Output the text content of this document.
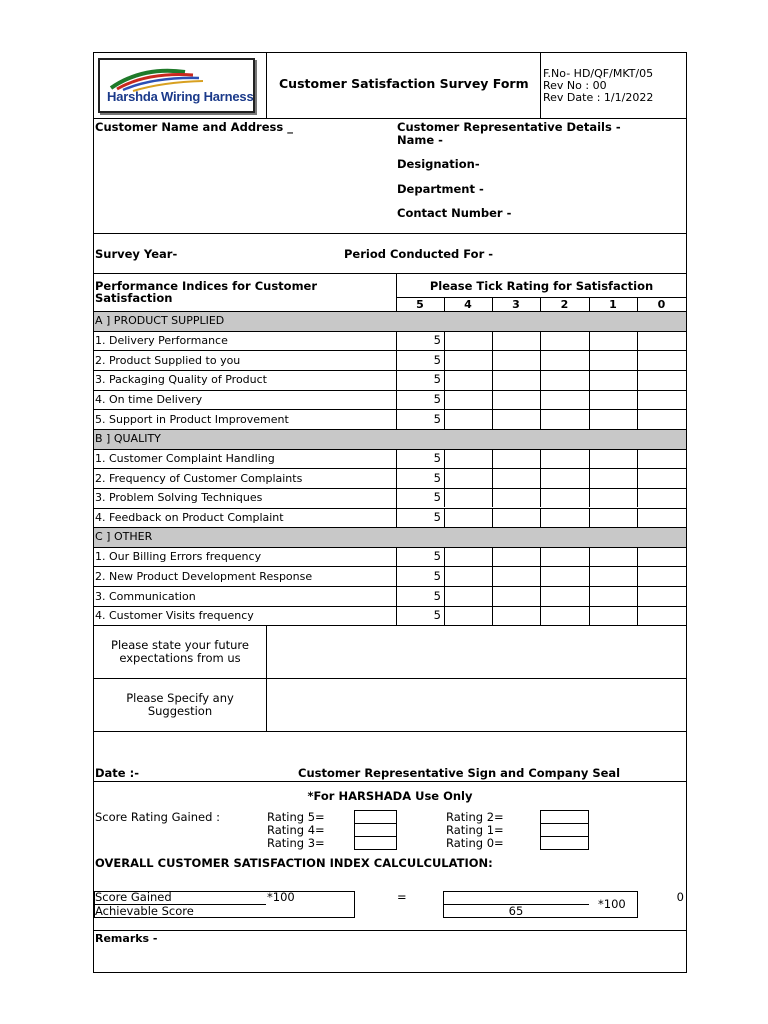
Harshda Wiring Harness
Customer Satisfaction Survey Form
F.No- HD/QF/MKT/05
Rev No : 00
Rev Date : 1/1/2022
Customer Name and Address _	Customer Representative Details -
Name -
Designation-
Department -
Contact Number -
Survey Year-	Period Conducted For -
Performance Indices for Customer
Satisfaction
Please Tick Rating for Satisfaction
5	4	3	2	1	0
A ] PRODUCT SUPPLIED
1. Delivery Performance	5
2. Product Supplied to you	5
3. Packaging Quality of Product	5
4. On time Delivery	5
5. Support in Product Improvement	5
B ] QUALITY
1. Customer Complaint Handling	5
2. Frequency of Customer Complaints	5
3. Problem Solving Techniques	5
4. Feedback on Product Complaint	5
C ] OTHER
1. Our Billing Errors frequency	5
2. New Product Development Response	5
3. Communication	5
4. Customer Visits frequency	5
Please state your future
expectations from us
Please Specify any
Suggestion
Date :-	Customer Representative Sign and Company Seal
*For HARSHADA Use Only
Score Rating Gained :	Rating 5=
Rating 4=
Rating 3=
Rating 2=
Rating 1=
Rating 0=
OVERALL CUSTOMER SATISFACTION INDEX CALCULCULATION:
Score Gained
Achievable Score
*100	=
65	*100	0
Remarks -
